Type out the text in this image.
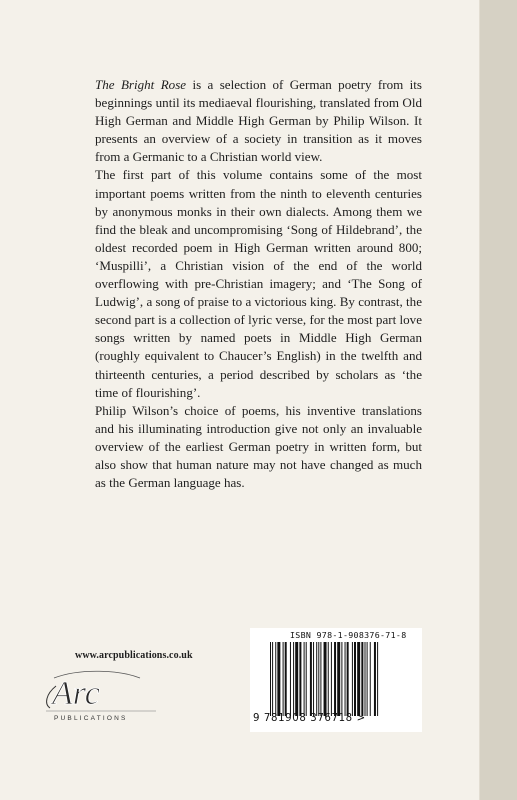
The Bright Rose is a selection of German poetry from its beginnings until its mediaeval flourishing, translated from Old High German and Middle High German by Philip Wilson. It presents an overview of a society in transition as it moves from a Germanic to a Christian world view.

The first part of this volume contains some of the most important poems written from the ninth to eleventh centuries by anonymous monks in their own dialects. Among them we find the bleak and uncompromising ‘Song of Hildebrand’, the oldest recorded poem in High German written around 800; ‘Muspilli’, a Christian vision of the end of the world overflowing with pre-Christian imagery; and ‘The Song of Ludwig’, a song of praise to a victorious king. By contrast, the second part is a collection of lyric verse, for the most part love songs written by named poets in Middle High German (roughly equivalent to Chaucer’s English) in the twelfth and thirteenth centuries, a period described by scholars as ‘the time of flourishing’.

Philip Wilson’s choice of poems, his inventive translations and his illuminating introduction give not only an invaluable overview of the earliest German poetry in written form, but also show that human nature may not have changed as much as the German language has.

www.arcpublications.co.uk
Arc
PUBLICATIONS
ISBN 978-1-908376-71-8
9 781908 376718 >
